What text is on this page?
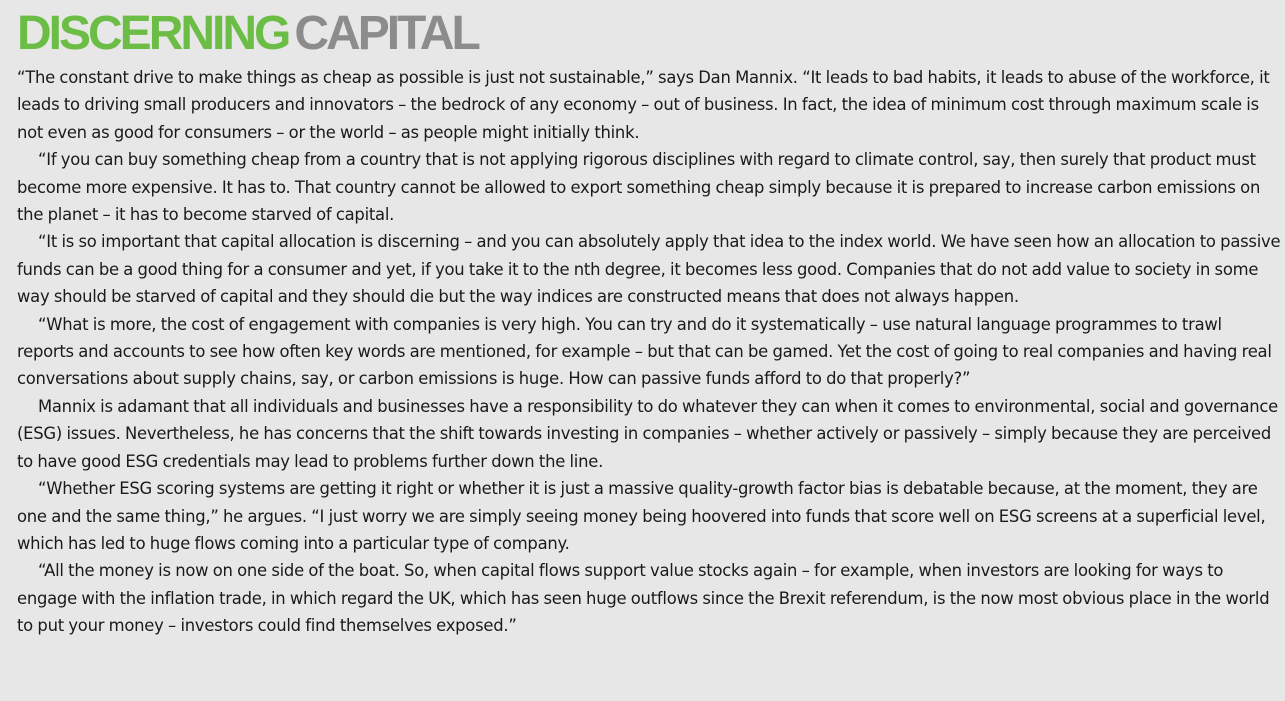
DISCERNING CAPITAL

“The constant drive to make things as cheap as possible is just not sustainable,” says Dan Mannix. “It leads to bad habits, it leads to abuse of the workforce, it leads to driving small producers and innovators – the bedrock of any economy – out of business. In fact, the idea of minimum cost through maximum scale is not even as good for consumers – or the world – as people might initially think.

“If you can buy something cheap from a country that is not applying rigorous disciplines with regard to climate control, say, then surely that product must become more expensive. It has to. That country cannot be allowed to export something cheap simply because it is prepared to increase carbon emissions on the planet – it has to become starved of capital.

“It is so important that capital allocation is discerning – and you can absolutely apply that idea to the index world. We have seen how an allocation to passive funds can be a good thing for a consumer and yet, if you take it to the nth degree, it becomes less good. Companies that do not add value to society in some way should be starved of capital and they should die but the way indices are constructed means that does not always happen.

“What is more, the cost of engagement with companies is very high. You can try and do it systematically – use natural language programmes to trawl reports and accounts to see how often key words are mentioned, for example – but that can be gamed. Yet the cost of going to real companies and having real conversations about supply chains, say, or carbon emissions is huge. How can passive funds afford to do that properly?”

Mannix is adamant that all individuals and businesses have a responsibility to do whatever they can when it comes to environmental, social and governance (ESG) issues. Nevertheless, he has concerns that the shift towards investing in companies – whether actively or passively – simply because they are perceived to have good ESG credentials may lead to problems further down the line.

“Whether ESG scoring systems are getting it right or whether it is just a massive quality-growth factor bias is debatable because, at the moment, they are one and the same thing,” he argues. “I just worry we are simply seeing money being hoovered into funds that score well on ESG screens at a superficial level, which has led to huge flows coming into a particular type of company.

“All the money is now on one side of the boat. So, when capital flows support value stocks again – for example, when investors are looking for ways to engage with the inflation trade, in which regard the UK, which has seen huge outflows since the Brexit referendum, is the now most obvious place in the world to put your money – investors could find themselves exposed.”
